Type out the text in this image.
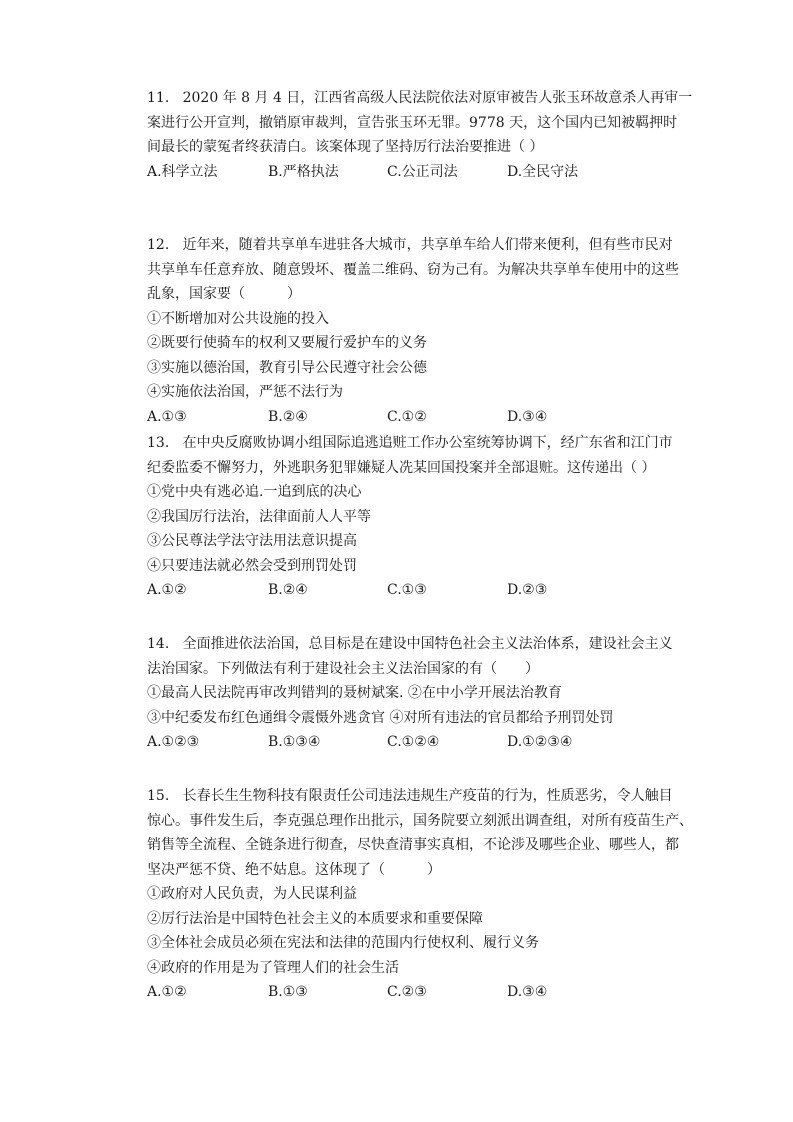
11.   2020 年 8 月 4 日，江西省高级人民法院依法对原审被告人张玉环故意杀人再审一
案进行公开宣判，撤销原审裁判，宣告张玉环无罪。9778 天，这个国内已知被羁押时
间最长的蒙冤者终获清白。该案体现了坚持厉行法治要推进（ ）
A.科学立法	B.严格执法	C.公正司法	D.全民守法
12.   近年来，随着共享单车进驻各大城市，共享单车给人们带来便利，但有些市民对
共享单车任意弃放、随意毁坏、覆盖二维码、窃为己有。为解决共享单车使用中的这些
乱象，国家要（　　　）
①不断增加对公共设施的投入
②既要行使骑车的权利又要履行爱护车的义务
③实施以德治国，教育引导公民遵守社会公德
④实施依法治国，严惩不法行为
A.①③	B.②④	C.①②	D.③④
13.   在中央反腐败协调小组国际追逃追赃工作办公室统筹协调下，经广东省和江门市
纪委监委不懈努力，外逃职务犯罪嫌疑人冼某回国投案并全部退赃。这传递出（ ）
①党中央有逃必追.一追到底的决心
②我国厉行法治，法律面前人人平等
③公民尊法学法守法用法意识提高
④只要违法就必然会受到刑罚处罚
A.①②	B.②④	C.①③	D.②③
14.   全面推进依法治国，总目标是在建设中国特色社会主义法治体系，建设社会主义
法治国家。下列做法有利于建设社会主义法治国家的有（　　）
①最高人民法院再审改判错判的聂树斌案. ②在中小学开展法治教育
③中纪委发布红色通缉令震慑外逃贪官 ④对所有违法的官员都给予刑罚处罚
A.①②③	B.①③④	C.①②④	D.①②③④
15.   长春长生生物科技有限责任公司违法违规生产疫苗的行为，性质恶劣，令人触目
惊心。事件发生后，李克强总理作出批示，国务院要立刻派出调查组，对所有疫苗生产、
销售等全流程、全链条进行彻查，尽快查清事实真相，不论涉及哪些企业、哪些人，都
坚决严惩不贷、绝不姑息。这体现了（　　　）
①政府对人民负责，为人民谋利益
②厉行法治是中国特色社会主义的本质要求和重要保障
③全体社会成员必须在宪法和法律的范围内行使权利、履行义务
④政府的作用是为了管理人们的社会生活
A.①②	B.①③	C.②③	D.③④
